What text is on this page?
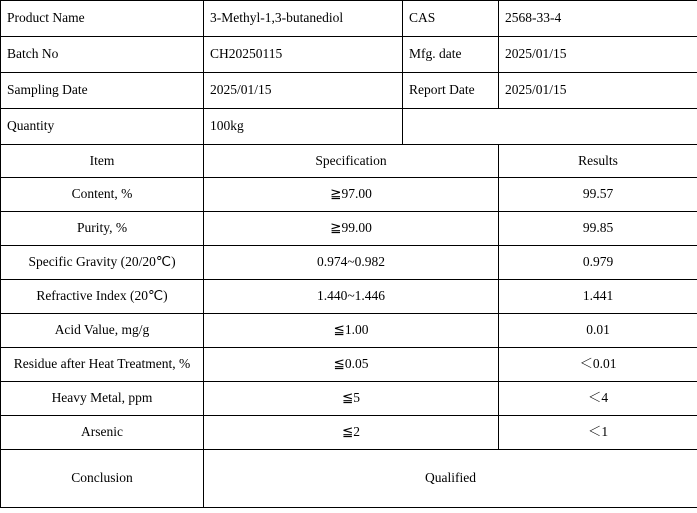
Product Name	3-Methyl-1,3-butanediol	CAS	2568-33-4
Batch No	CH20250115	Mfg. date	2025/01/15
Sampling Date	2025/01/15	Report Date	2025/01/15
Quantity	100kg		
Item	Specification		Results
Content, %	≧97.00		99.57
Purity, %	≧99.00		99.85
Specific Gravity (20/20℃)	0.974~0.982		0.979
Refractive Index (20℃)	1.440~1.446		1.441
Acid Value, mg/g	≦1.00		0.01
Residue after Heat Treatment, %	≦0.05		＜0.01
Heavy Metal, ppm	≦5		＜4
Arsenic	≦2		＜1
Conclusion	Qualified		
